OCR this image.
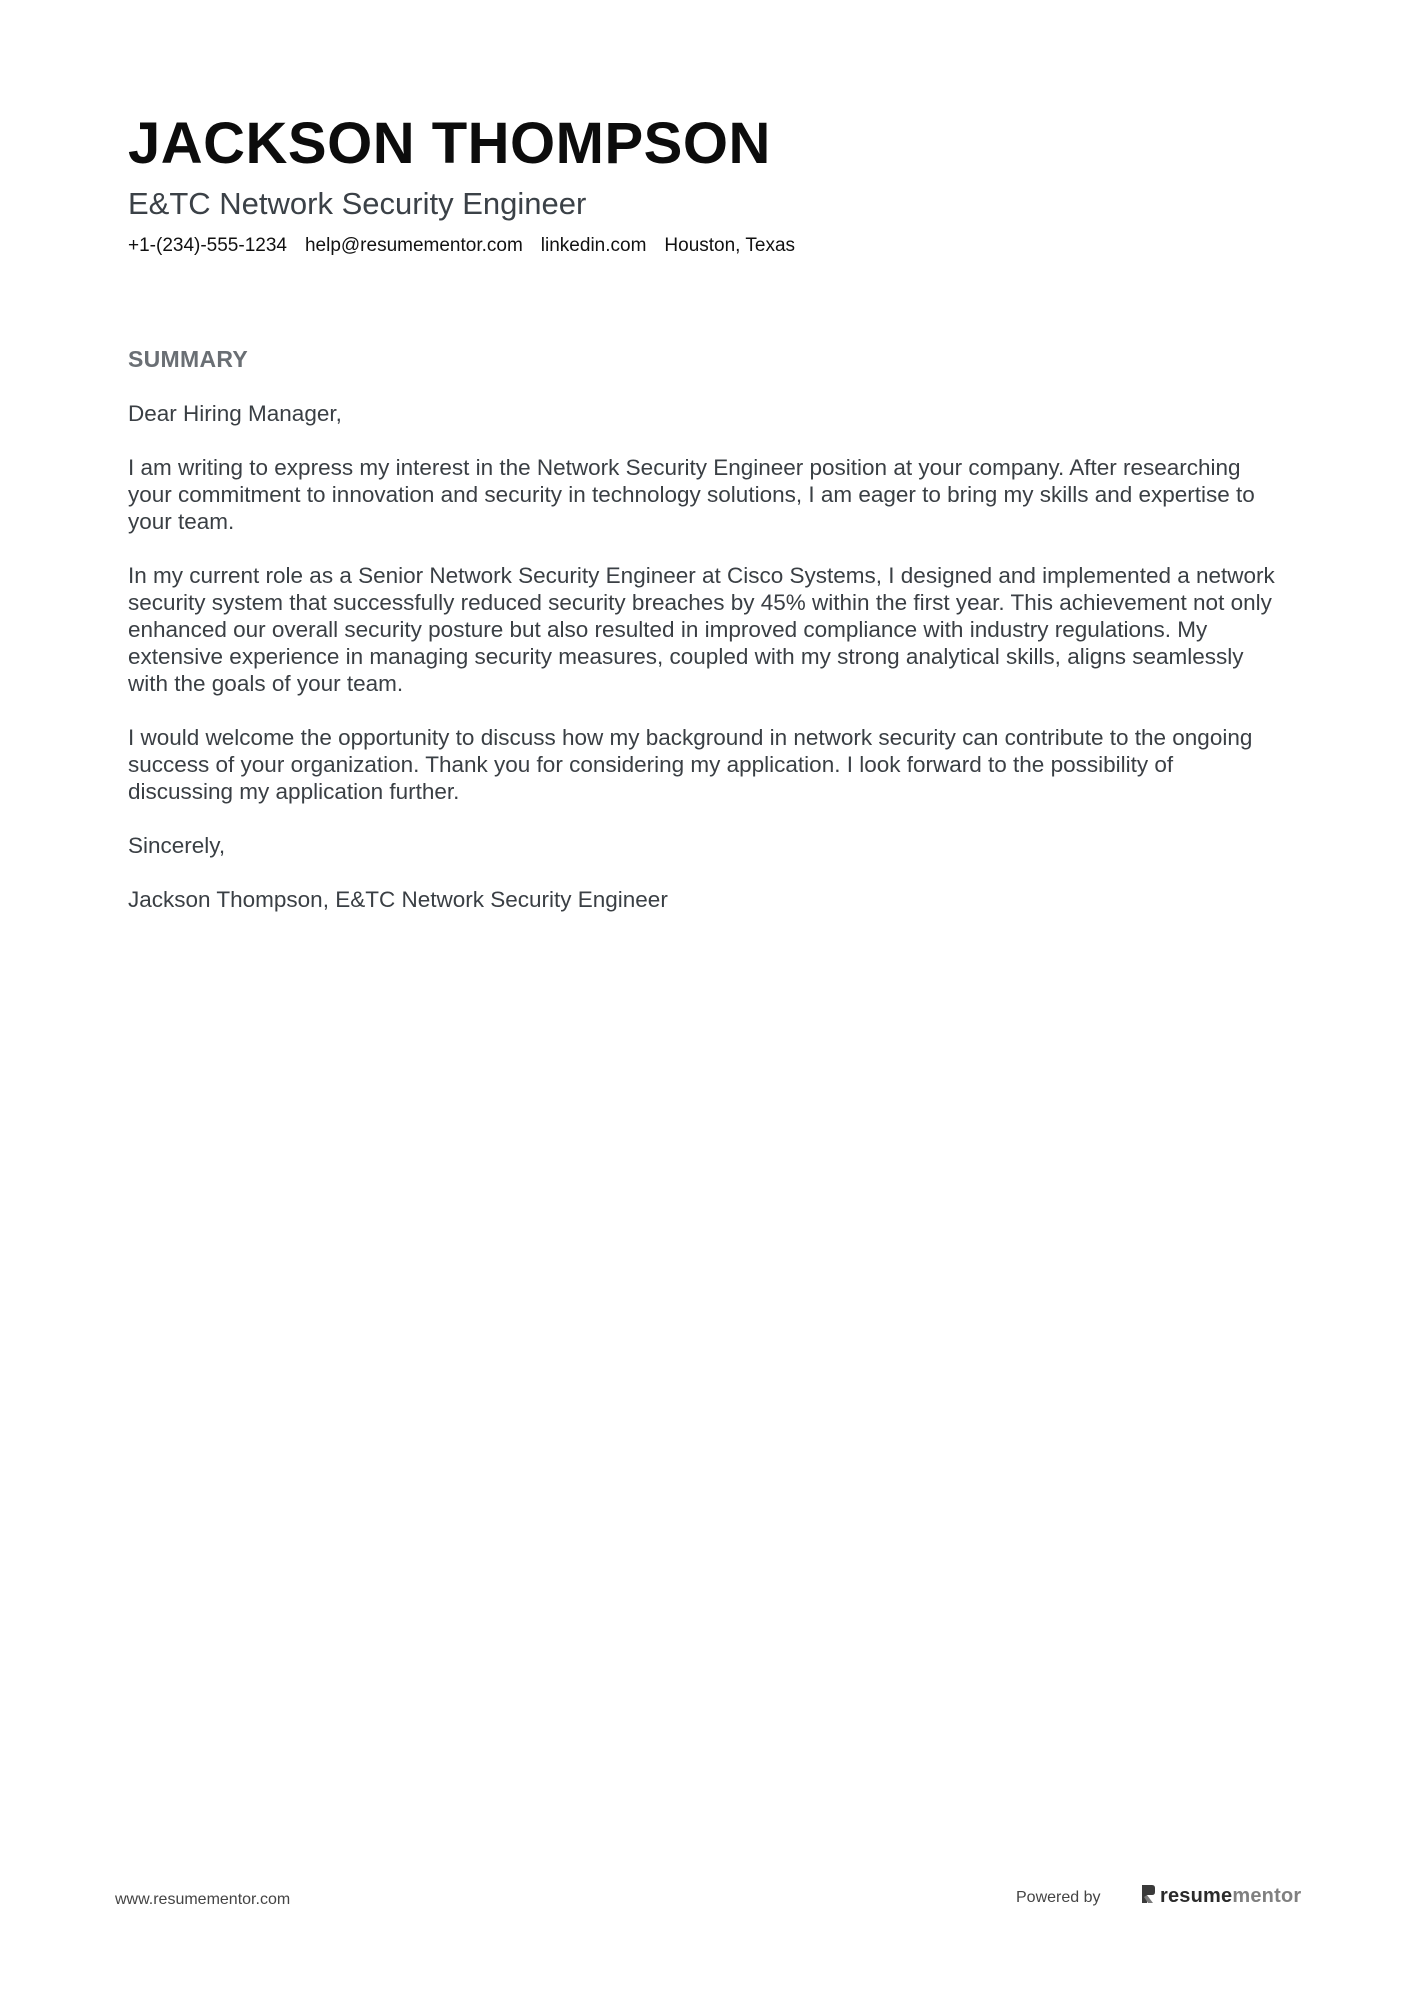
JACKSON THOMPSON
E&TC Network Security Engineer
+1-(234)-555-1234 help@resumementor.com linkedin.com Houston, Texas
SUMMARY

Dear Hiring Manager,

I am writing to express my interest in the Network Security Engineer position at your company. After researching your commitment to innovation and security in technology solutions, I am eager to bring my skills and expertise to your team.

In my current role as a Senior Network Security Engineer at Cisco Systems, I designed and implemented a network security system that successfully reduced security breaches by 45% within the first year. This achievement not only enhanced our overall security posture but also resulted in improved compliance with industry regulations. My extensive experience in managing security measures, coupled with my strong analytical skills, aligns seamlessly with the goals of your team.

I would welcome the opportunity to discuss how my background in network security can contribute to the ongoing success of your organization. Thank you for considering my application. I look forward to the possibility of discussing my application further.

Sincerely,

Jackson Thompson, E&TC Network Security Engineer

www.resumementor.com	Powered by	resumementor
